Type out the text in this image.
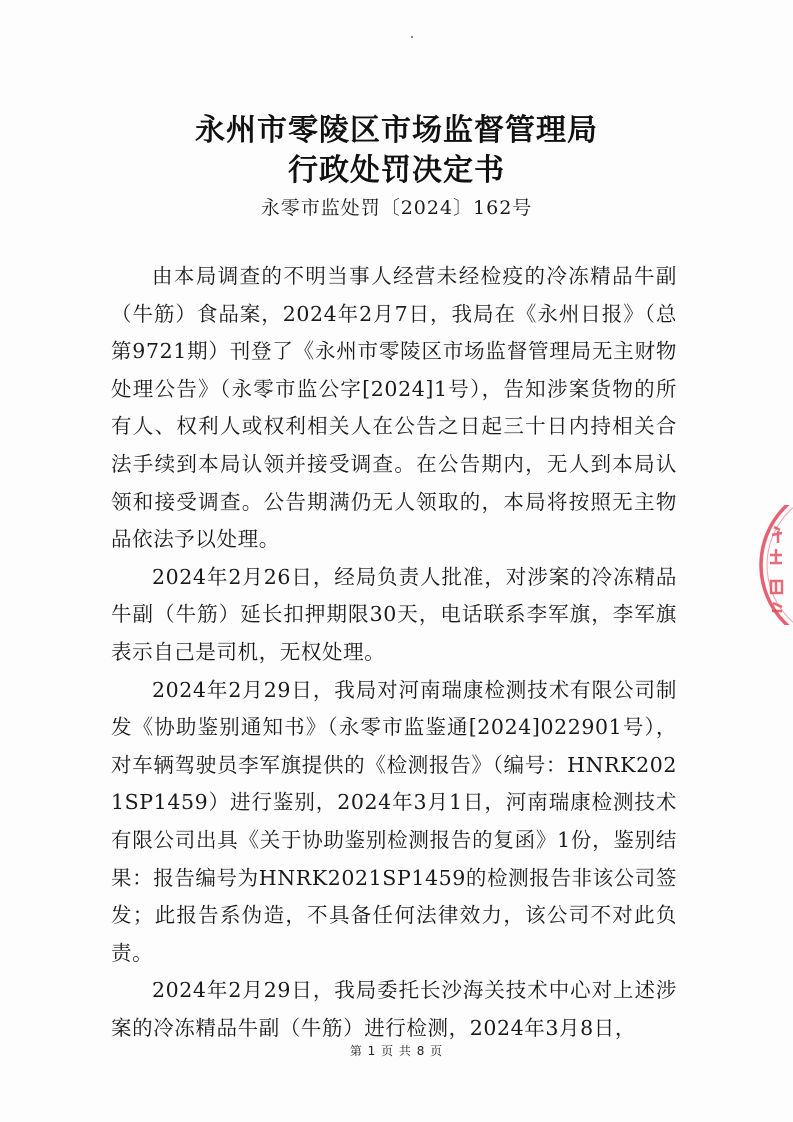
永州市零陵区市场监督管理局
行政处罚决定书
永零市监处罚〔2024〕162号

由本局调查的不明当事人经营未经检疫的冷冻精品牛副（牛筋）食品案，2024年2月7日，我局在《永州日报》（总第9721期）刊登了《永州市零陵区市场监督管理局无主财物处理公告》（永零市监公字[2024]1号），告知涉案货物的所有人、权利人或权利相关人在公告之日起三十日内持相关合法手续到本局认领并接受调查。在公告期内，无人到本局认领和接受调查。公告期满仍无人领取的，本局将按照无主物品依法予以处理。

2024年2月26日，经局负责人批准，对涉案的冷冻精品牛副（牛筋）延长扣押期限30天，电话联系李军旗，李军旗表示自己是司机，无权处理。

2024年2月29日，我局对河南瑞康检测技术有限公司制发《协助鉴别通知书》（永零市监鉴通[2024]022901号），对车辆驾驶员李军旗提供的《检测报告》（编号：HNRK2021SP1459）进行鉴别，2024年3月1日，河南瑞康检测技术有限公司出具《关于协助鉴别检测报告的复函》1份，鉴别结果：报告编号为HNRK2021SP1459的检测报告非该公司签发；此报告系伪造，不具备任何法律效力，该公司不对此负责。

2024年2月29日，我局委托长沙海关技术中心对上述涉案的冷冻精品牛副（牛筋）进行检测，2024年3月8日，

第 1 页 共 8 页
